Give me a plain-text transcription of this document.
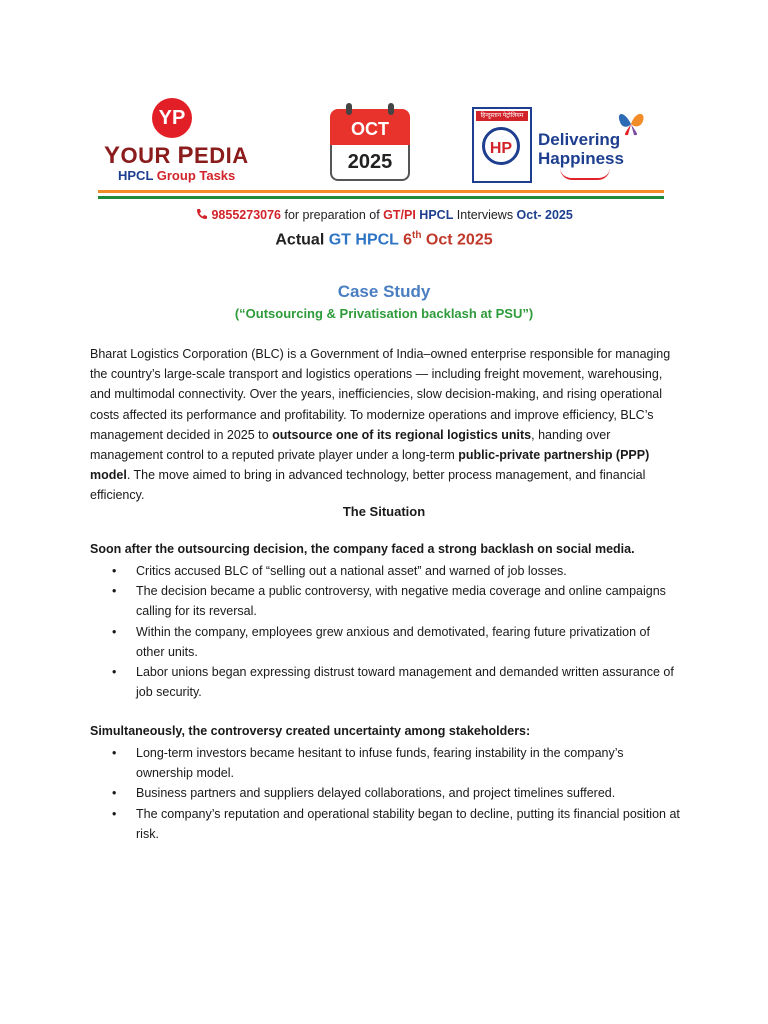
YP
YOUR PEDIA
HPCL Group Tasks
OCT
2025
हिन्दुस्तान पेट्रोलियम
HP	Delivering
Happiness
9855273076 for preparation of GT/PI HPCL Interviews Oct- 2025
Actual GT HPCL 6th Oct 2025
Case Study
(“Outsourcing & Privatisation backlash at PSU”)
Bharat Logistics Corporation (BLC) is a Government of India–owned enterprise responsible for managing the country’s large-scale transport and logistics operations — including freight movement, warehousing, and multimodal connectivity. Over the years, inefficiencies, slow decision-making, and rising operational costs affected its performance and profitability. To modernize operations and improve efficiency, BLC’s management decided in 2025 to outsource one of its regional logistics units, handing over management control to a reputed private player under a long-term public-private partnership (PPP) model. The move aimed to bring in advanced technology, better process management, and financial efficiency.
The Situation
Soon after the outsourcing decision, the company faced a strong backlash on social media.
• Critics accused BLC of “selling out a national asset” and warned of job losses.
• The decision became a public controversy, with negative media coverage and online campaigns calling for its reversal.
• Within the company, employees grew anxious and demotivated, fearing future privatization of other units.
• Labor unions began expressing distrust toward management and demanded written assurance of job security.
Simultaneously, the controversy created uncertainty among stakeholders:
• Long-term investors became hesitant to infuse funds, fearing instability in the company’s ownership model.
• Business partners and suppliers delayed collaborations, and project timelines suffered.
• The company’s reputation and operational stability began to decline, putting its financial position at risk.
